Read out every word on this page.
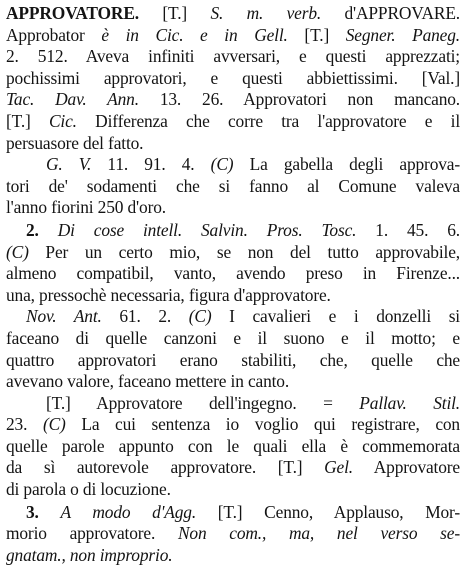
APPROVATORE. [T.] S. m. verb. d'APPROVARE.
Approbator è in Cic. e in Gell. [T.] Segner. Paneg.
2. 512. Aveva infiniti avversari, e questi apprezzati;
pochissimi approvatori, e questi abbiettissimi. [Val.]
Tac. Dav. Ann. 13. 26. Approvatori non mancano.
[T.] Cic. Differenza che corre tra l'approvatore e il
persuasore del fatto.
G. V. 11. 91. 4. (C) La gabella degli approva-
tori de' sodamenti che si fanno al Comune valeva
l'anno fiorini 250 d'oro.
2. Di cose intell. Salvin. Pros. Tosc. 1. 45. 6.
(C) Per un certo mio, se non del tutto approvabile,
almeno compatibil, vanto, avendo preso in Firenze...
una, pressochè necessaria, figura d'approvatore.
Nov. Ant. 61. 2. (C) I cavalieri e i donzelli si
faceano di quelle canzoni e il suono e il motto; e
quattro approvatori erano stabiliti, che, quelle che
avevano valore, faceano mettere in canto.
[T.] Approvatore dell'ingegno. = Pallav. Stil.
23. (C) La cui sentenza io voglio qui registrare, con
quelle parole appunto con le quali ella è commemorata
da sì autorevole approvatore. [T.] Gel. Approvatore
di parola o di locuzione.
3. A modo d'Agg. [T.] Cenno, Applauso, Mor-
morio approvatore. Non com., ma, nel verso se-
gnatam., non improprio.
